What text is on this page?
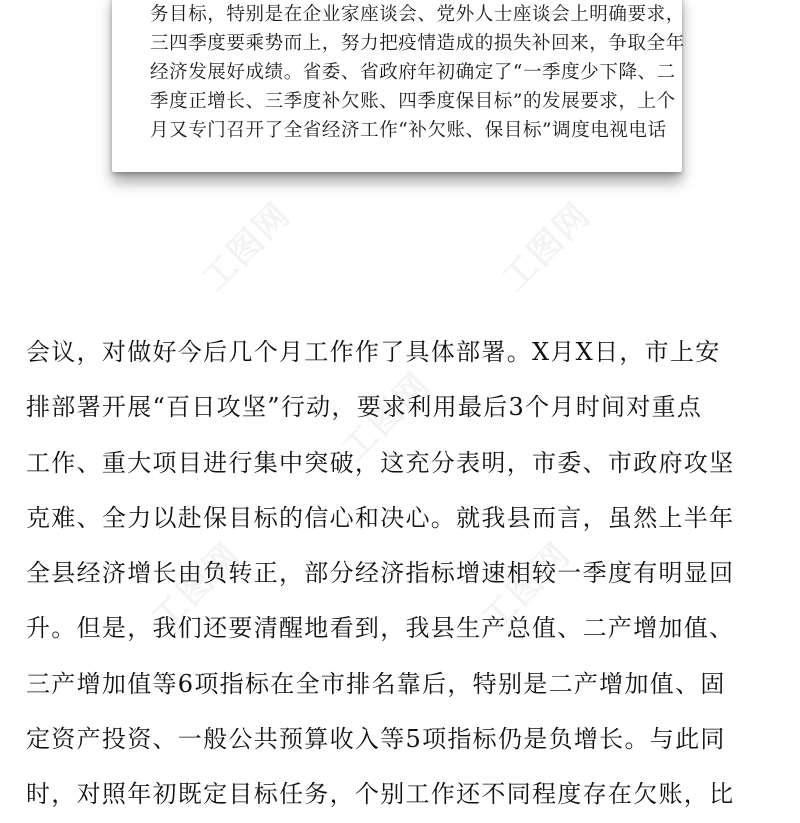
务目标，特别是在企业家座谈会、党外人士座谈会上明确要求，
三四季度要乘势而上，努力把疫情造成的损失补回来，争取全年
经济发展好成绩。省委、省政府年初确定了“一季度少下降、二
季度正增长、三季度补欠账、四季度保目标”的发展要求，上个
月又专门召开了全省经济工作“补欠账、保目标”调度电视电话
工图网	工图网
工图网
工图网	工图网
会议，对做好今后几个月工作作了具体部署。X月X日，市上安
排部署开展“百日攻坚”行动，要求利用最后3个月时间对重点
工作、重大项目进行集中突破，这充分表明，市委、市政府攻坚
克难、全力以赴保目标的信心和决心。就我县而言，虽然上半年
全县经济增长由负转正，部分经济指标增速相较一季度有明显回
升。但是，我们还要清醒地看到，我县生产总值、二产增加值、
三产增加值等6项指标在全市排名靠后，特别是二产增加值、固
定资产投资、一般公共预算收入等5项指标仍是负增长。与此同
时，对照年初既定目标任务，个别工作还不同程度存在欠账，比
